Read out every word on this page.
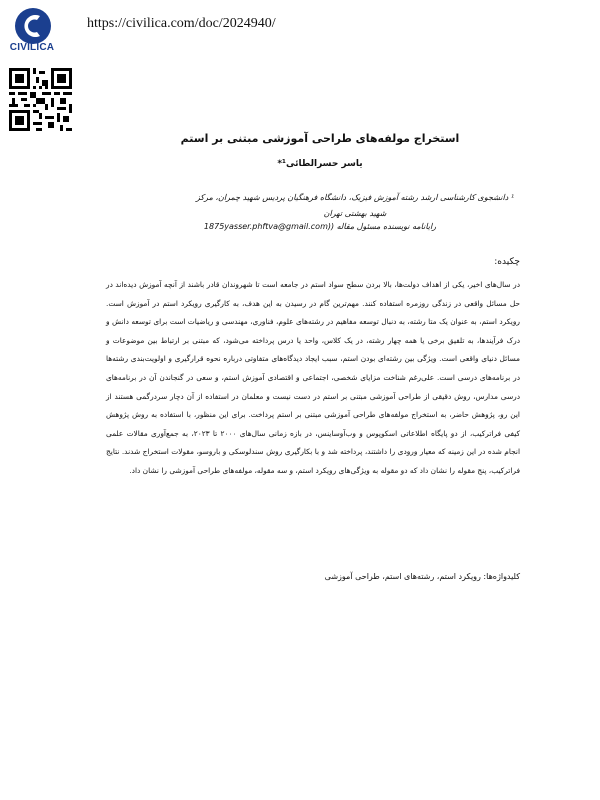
CIVILICA
https://civilica.com/doc/2024940/
استخراج مولفه‌های طراحی آموزشی مبتنی بر استم
یاسر حسرالطائی¹*
¹ دانشجوی کارشناسی ارشد رشته آموزش فیزیک، دانشگاه فرهنگیان پردیس شهید چمران، مرکز شهید بهشتی تهران
رایانامه نویسنده مسئول مقاله ((1875yasser.phftva@gmail.com
چکیده:
در سال‌های اخیر، یکی از اهداف دولت‌ها، بالا بردن سطح سواد استم در جامعه است تا شهروندان قادر باشند از آنچه آموزش دیده‌اند در حل مسائل واقعی در زندگی روزمره استفاده کنند. مهم‌ترین گام در رسیدن به این هدف، به کارگیری رویکرد استم در آموزش است. رویکرد استم، به عنوان یک متا رشته، به دنبال توسعه مفاهیم در رشته‌های علوم، فناوری، مهندسی و ریاضیات است برای توسعه دانش و درک فرآیندها، به تلفیق برخی یا همه چهار رشته، در یک کلاس، واحد یا درس پرداخته می‌شود، که مبتنی بر ارتباط بین موضوعات و مسائل دنیای واقعی است. ویژگی بین رشته‌ای بودن استم، سبب ایجاد دیدگاه‌های متفاوتی درباره نحوه قرارگیری و اولویت‌بندی رشته‌ها در برنامه‌های درسی است. علی‌رغم شناخت مزایای شخصی، اجتماعی و اقتصادی آموزش استم، و سعی در گنجاندن آن در برنامه‌های درسی مدارس، روش دقیقی از طراحی آموزشی مبتنی بر استم در دست نیست و معلمان در استفاده از آن دچار سردرگمی هستند از این رو، پژوهش حاضر، به استخراج مولفه‌های طراحی آموزشی مبتنی بر استم پرداخت. برای این منظور، با استفاده به روش پژوهش کیفی فراترکیب، از دو پایگاه اطلاعاتی اسکوپوس و وب‌آوساینس، در بازه زمانی سال‌های ۲۰۰۰ تا ۲۰۲۳، به جمع‌آوری مقالات علمی انجام شده در این زمینه که معیار ورودی را داشتند، پرداخته شد و با بکارگیری روش سندلوسکی و باروسو، مقولات استخراج شدند. نتایج فراترکیب، پنج مقوله را نشان داد که دو مقوله به ویژگی‌های رویکرد استم، و سه مقوله، مولفه‌های طراحی آموزشی را نشان داد.
کلیدواژه‌ها: رویکرد استم، رشته‌های استم، طراحی آموزشی
